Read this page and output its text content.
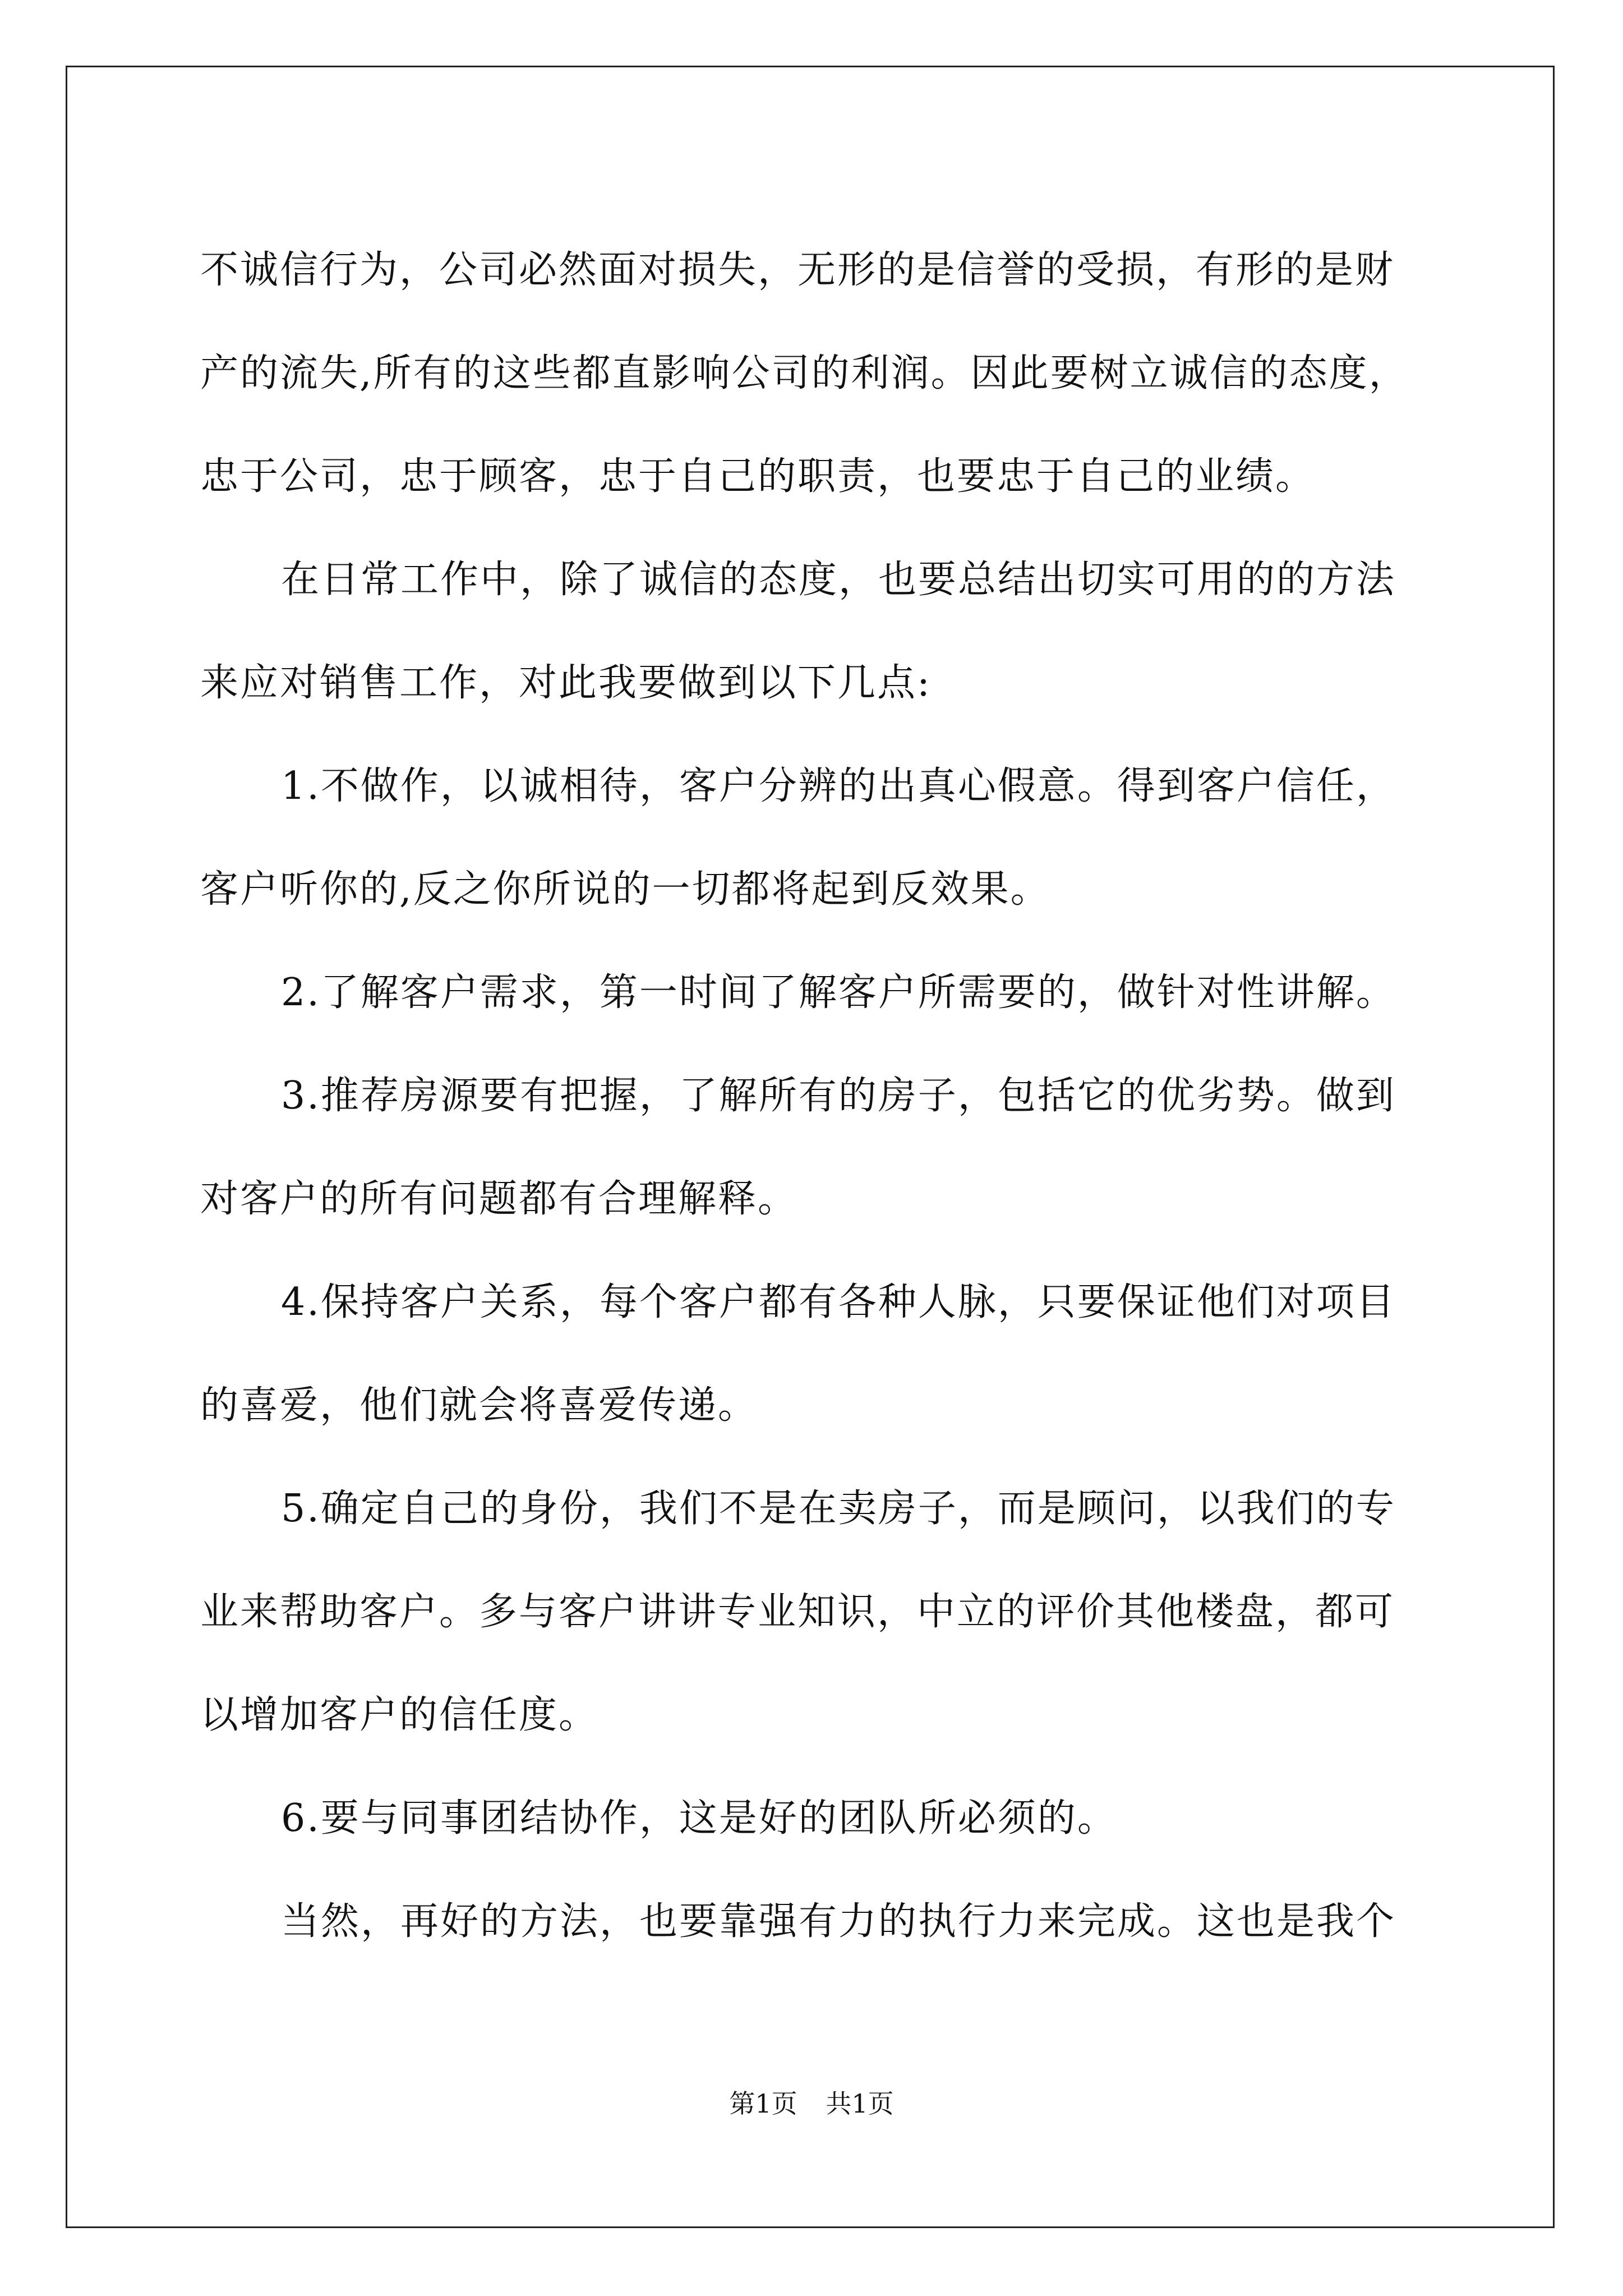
不诚信行为，公司必然面对损失，无形的是信誉的受损，有形的是财
产的流失,所有的这些都直影响公司的利润。因此要树立诚信的态度，
忠于公司，忠于顾客，忠于自己的职责，也要忠于自己的业绩。
在日常工作中，除了诚信的态度，也要总结出切实可用的的方法
来应对销售工作，对此我要做到以下几点:
1.不做作，以诚相待，客户分辨的出真心假意。得到客户信任，
客户听你的,反之你所说的一切都将起到反效果。
2.了解客户需求，第一时间了解客户所需要的，做针对性讲解。
3.推荐房源要有把握，了解所有的房子，包括它的优劣势。做到
对客户的所有问题都有合理解释。
4.保持客户关系，每个客户都有各种人脉，只要保证他们对项目
的喜爱，他们就会将喜爱传递。
5.确定自己的身份，我们不是在卖房子，而是顾问，以我们的专
业来帮助客户。多与客户讲讲专业知识，中立的评价其他楼盘，都可
以增加客户的信任度。
6.要与同事团结协作，这是好的团队所必须的。
当然，再好的方法，也要靠强有力的执行力来完成。这也是我个
第1页 共1页
